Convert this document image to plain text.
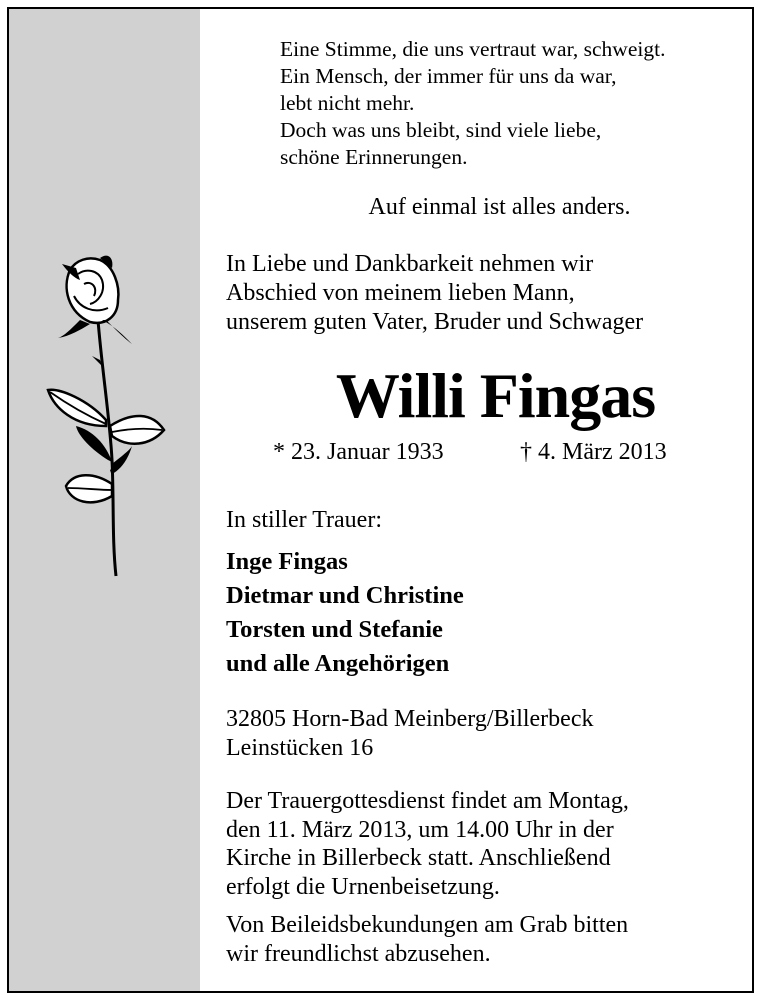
Eine Stimme, die uns vertraut war, schweigt.
Ein Mensch, der immer für uns da war,
lebt nicht mehr.
Doch was uns bleibt, sind viele liebe,
schöne Erinnerungen.
Auf einmal ist alles anders.
In Liebe und Dankbarkeit nehmen wir
Abschied von meinem lieben Mann,
unserem guten Vater, Bruder und Schwager
Willi Fingas
* 23. Januar 1933	† 4. März 2013
In stiller Trauer:
Inge Fingas
Dietmar und Christine
Torsten und Stefanie
und alle Angehörigen
32805 Horn-Bad Meinberg/Billerbeck
Leinstücken 16
Der Trauergottesdienst findet am Montag,
den 11. März 2013, um 14.00 Uhr in der
Kirche in Billerbeck statt. Anschließend
erfolgt die Urnenbeisetzung.
Von Beileidsbekundungen am Grab bitten
wir freundlichst abzusehen.
